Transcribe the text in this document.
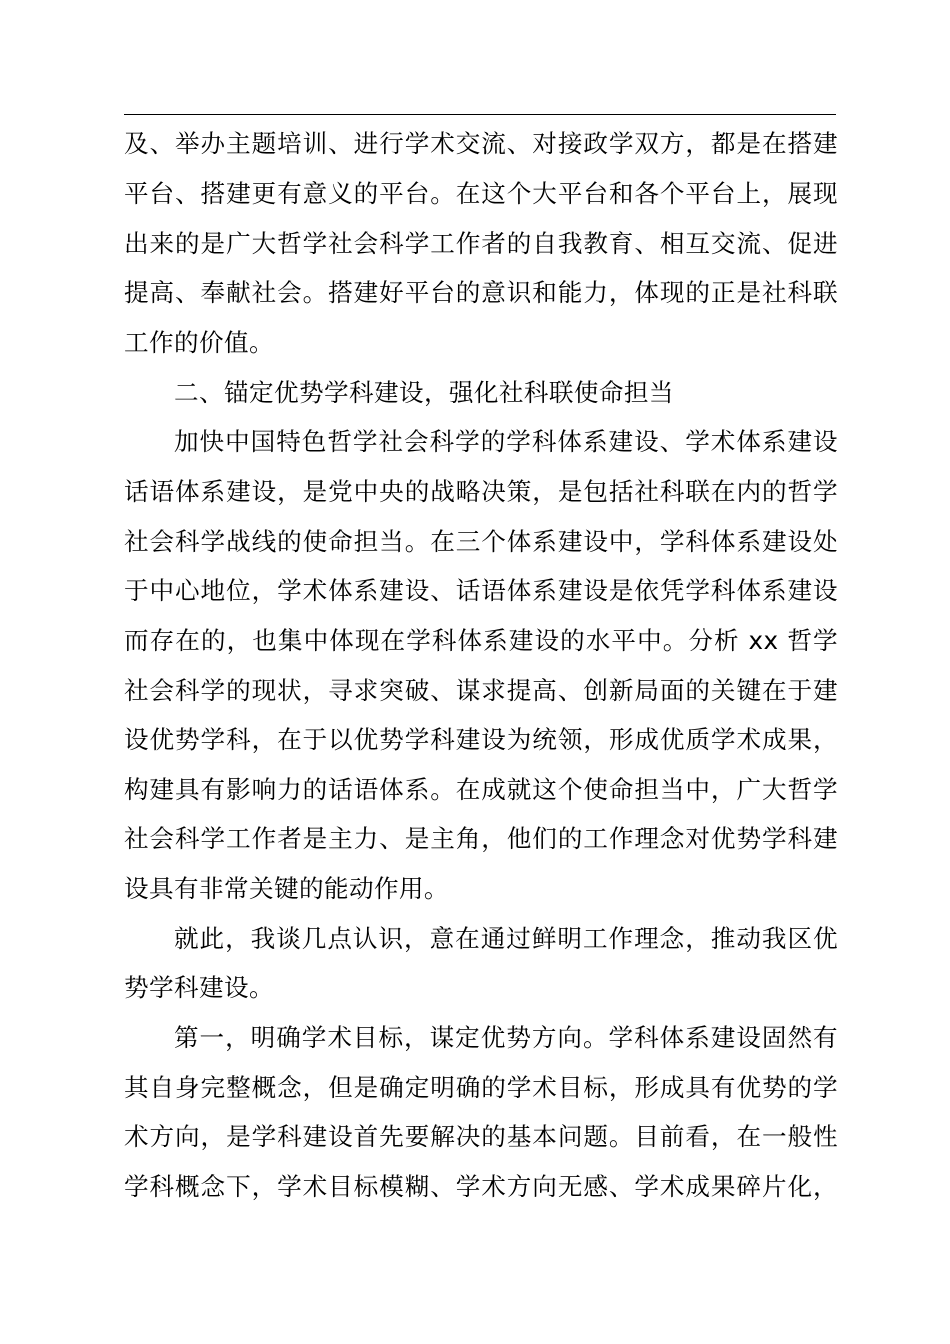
及、举办主题培训、进行学术交流、对接政学双方，都是在搭建
平台、搭建更有意义的平台。在这个大平台和各个平台上，展现
出来的是广大哲学社会科学工作者的自我教育、相互交流、促进
提高、奉献社会。搭建好平台的意识和能力，体现的正是社科联
工作的价值。
二、锚定优势学科建设，强化社科联使命担当
加快中国特色哲学社会科学的学科体系建设、学术体系建设
话语体系建设，是党中央的战略决策，是包括社科联在内的哲学
社会科学战线的使命担当。在三个体系建设中，学科体系建设处
于中心地位，学术体系建设、话语体系建设是依凭学科体系建设
而存在的，也集中体现在学科体系建设的水平中。分析 xx 哲学
社会科学的现状，寻求突破、谋求提高、创新局面的关键在于建
设优势学科，在于以优势学科建设为统领，形成优质学术成果，
构建具有影响力的话语体系。在成就这个使命担当中，广大哲学
社会科学工作者是主力、是主角，他们的工作理念对优势学科建
设具有非常关键的能动作用。
就此，我谈几点认识，意在通过鲜明工作理念，推动我区优
势学科建设。
第一，明确学术目标，谋定优势方向。学科体系建设固然有
其自身完整概念，但是确定明确的学术目标，形成具有优势的学
术方向，是学科建设首先要解决的基本问题。目前看，在一般性
学科概念下，学术目标模糊、学术方向无感、学术成果碎片化，
